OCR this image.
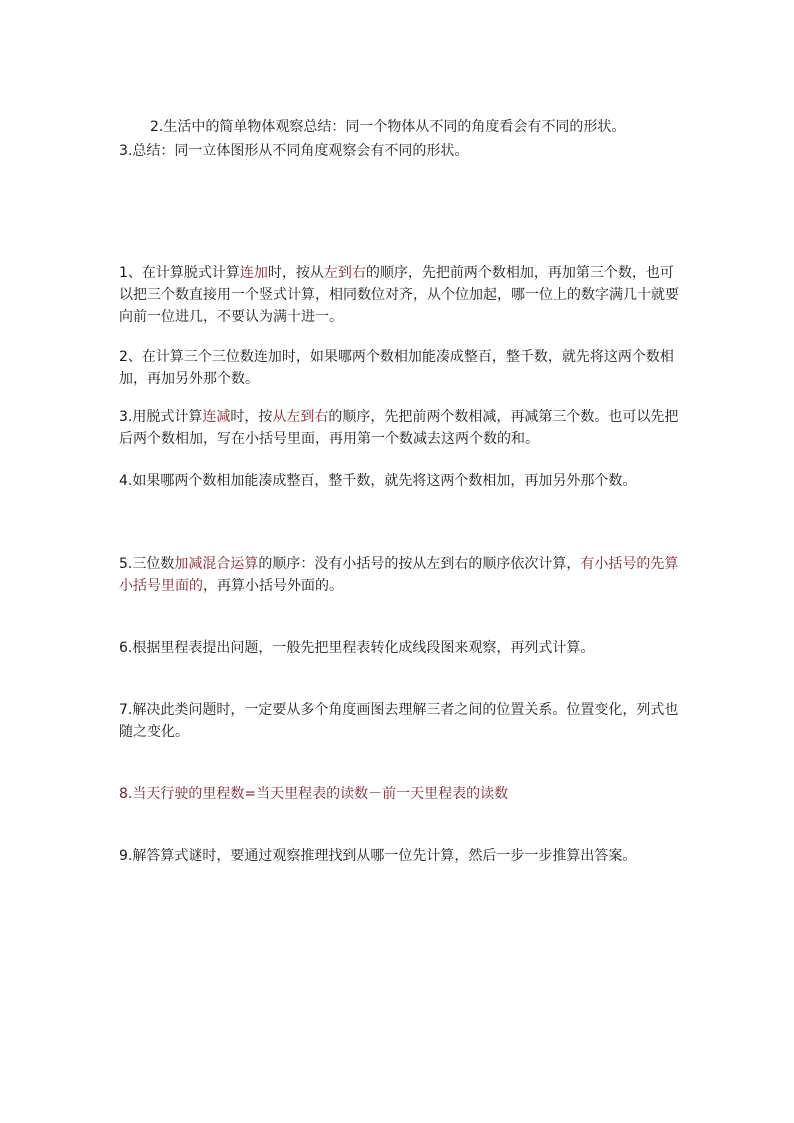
2.生活中的简单物体观察总结：同一个物体从不同的角度看会有不同的形状。

3.总结：同一立体图形从不同角度观察会有不同的形状。

1、在计算脱式计算连加时，按从左到右的顺序，先把前两个数相加，再加第三个数，也可以把三个数直接用一个竖式计算，相同数位对齐，从个位加起，哪一位上的数字满几十就要向前一位进几，不要认为满十进一。

2、在计算三个三位数连加时，如果哪两个数相加能凑成整百，整千数，就先将这两个数相加，再加另外那个数。

3.用脱式计算连减时，按从左到右的顺序，先把前两个数相减，再减第三个数。也可以先把后两个数相加，写在小括号里面，再用第一个数减去这两个数的和。

4.如果哪两个数相加能凑成整百，整千数，就先将这两个数相加，再加另外那个数。

5.三位数加减混合运算的顺序：没有小括号的按从左到右的顺序依次计算，有小括号的先算小括号里面的，再算小括号外面的。

6.根据里程表提出问题，一般先把里程表转化成线段图来观察，再列式计算。

7.解决此类问题时，一定要从多个角度画图去理解三者之间的位置关系。位置变化，列式也随之变化。

8.当天行驶的里程数=当天里程表的读数－前一天里程表的读数

9.解答算式谜时，要通过观察推理找到从哪一位先计算，然后一步一步推算出答案。
